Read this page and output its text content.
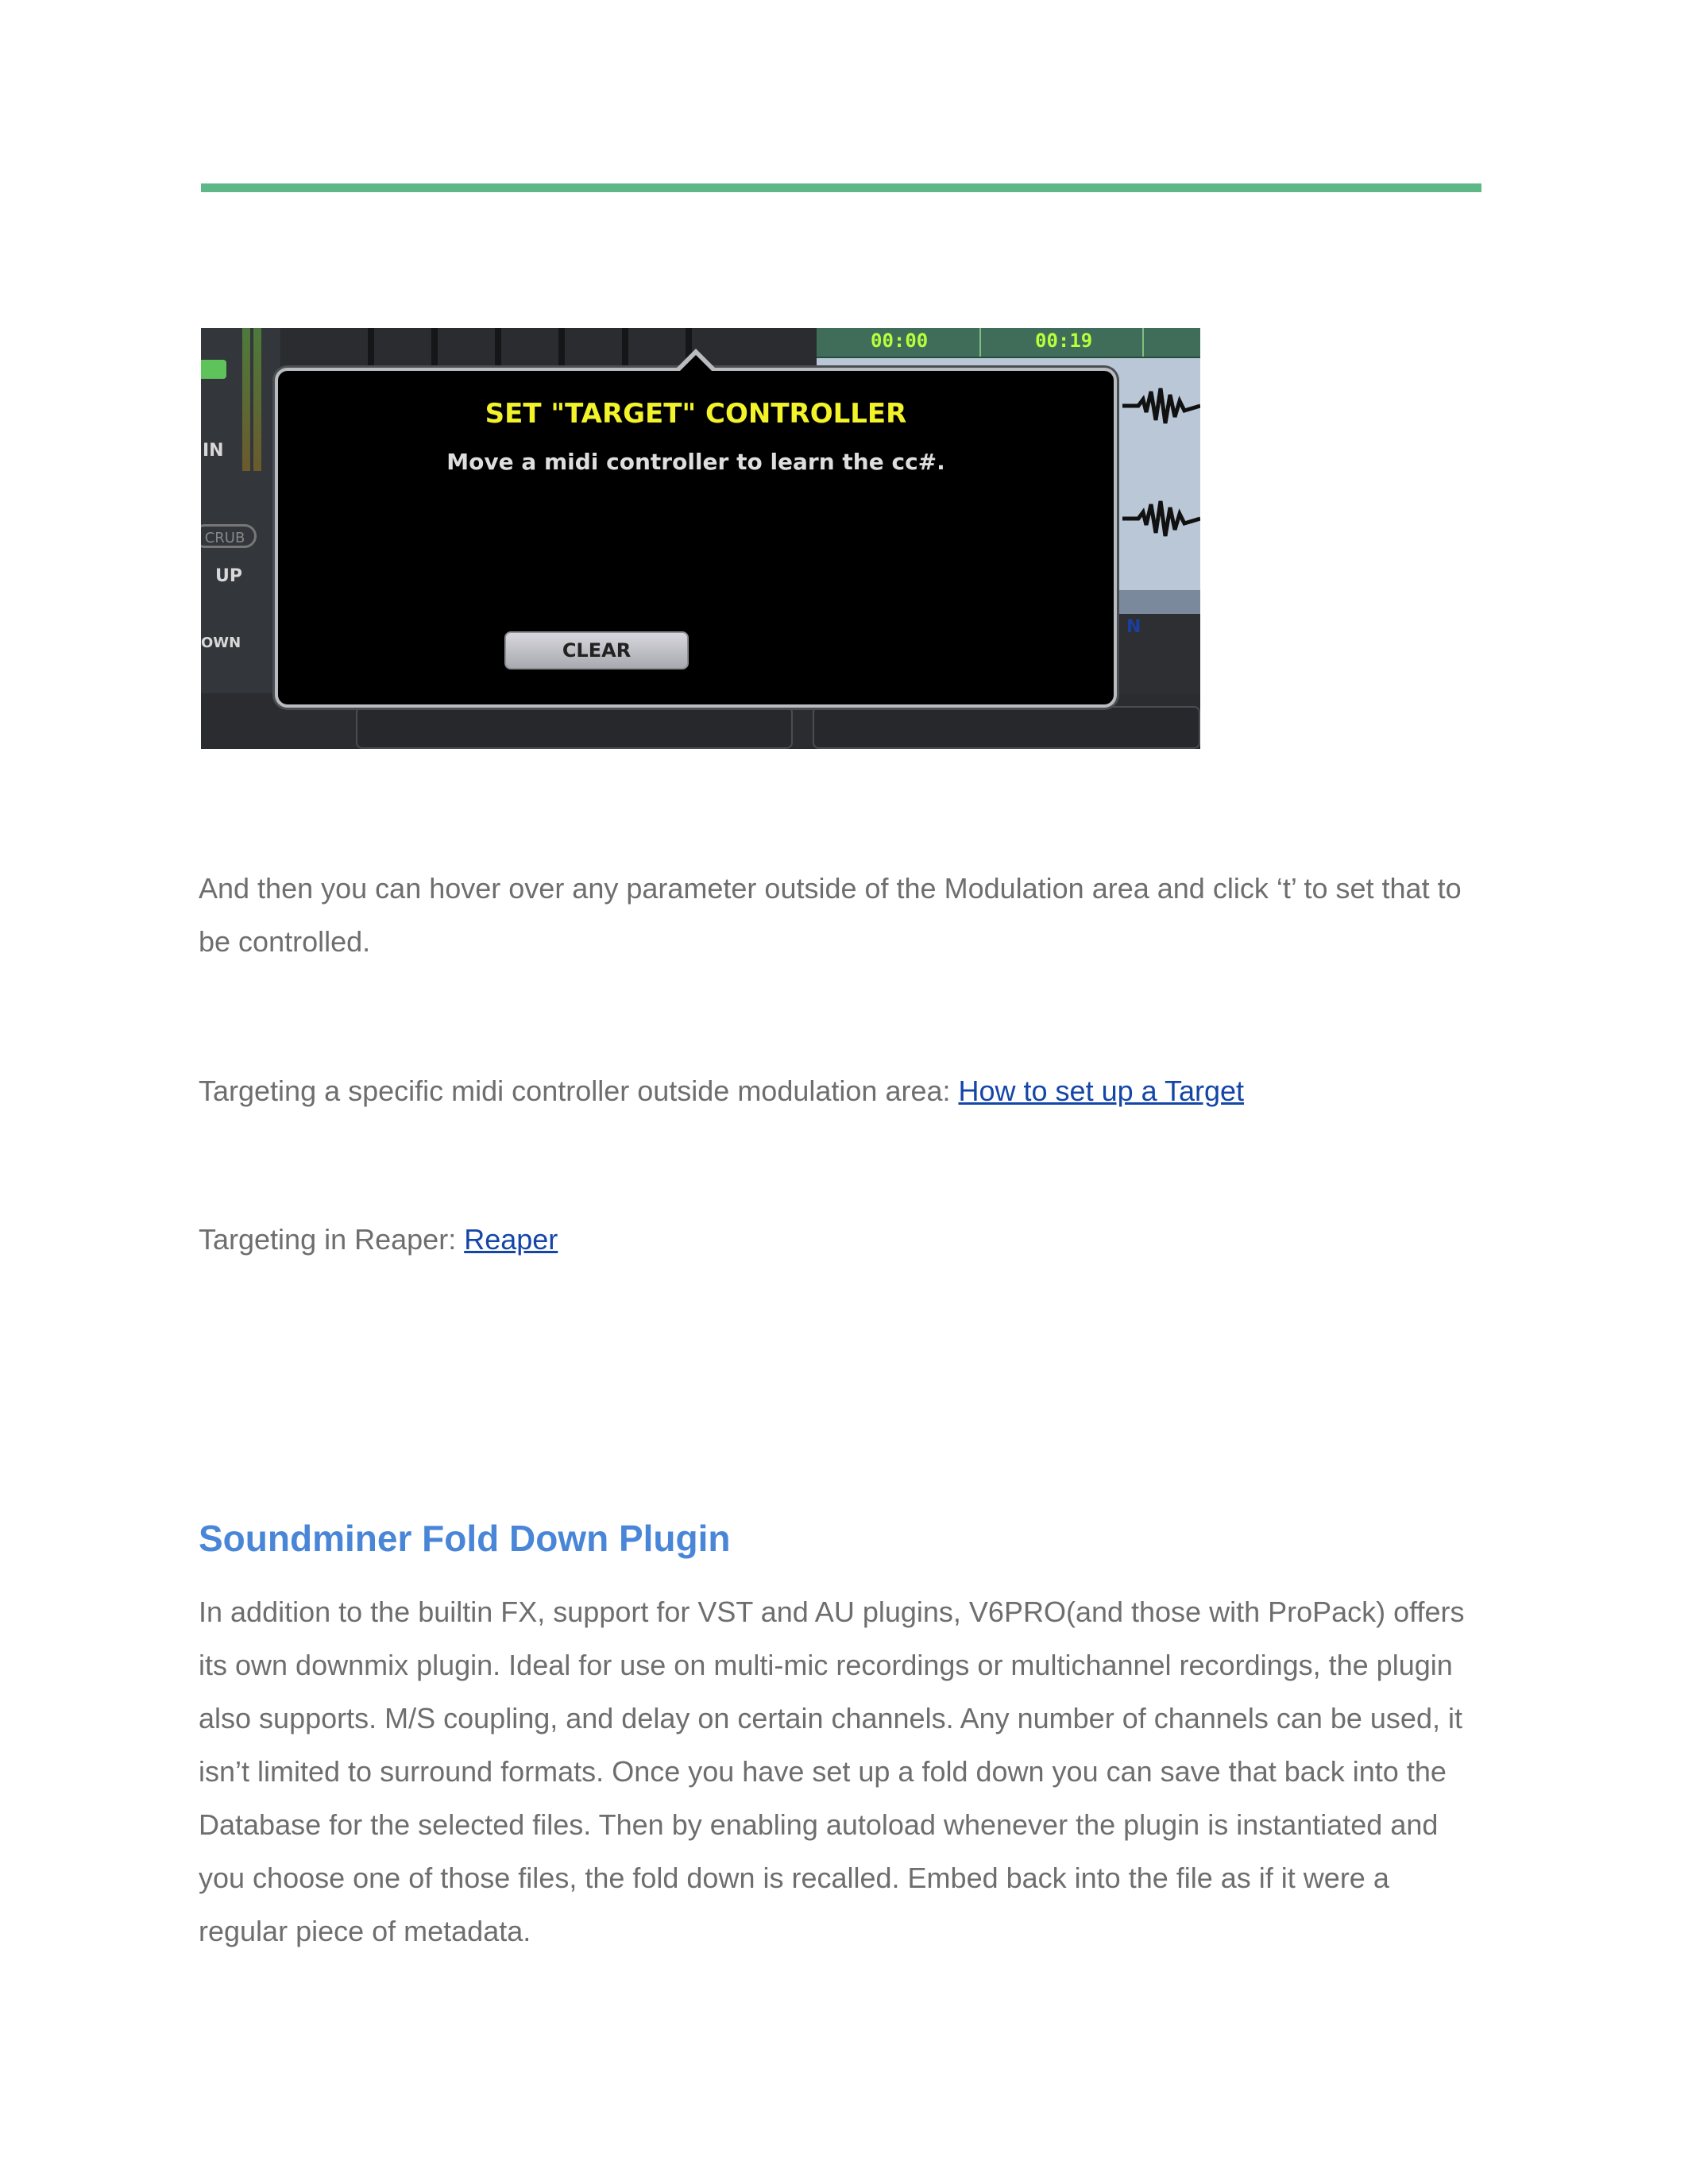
IN
CRUB
UP
OWN
00:00	00:19
N
SET "TARGET" CONTROLLER
Move a midi controller to learn the cc#.
CLEAR

And then you can hover over any parameter outside of the Modulation area and click ‘t’ to set that to be controlled.

Targeting a specific midi controller outside modulation area: How to set up a Target

Targeting in Reaper: Reaper

Soundminer Fold Down Plugin

In addition to the builtin FX, support for VST and AU plugins, V6PRO(and those with ProPack) offers its own downmix plugin. Ideal for use on multi-mic recordings or multichannel recordings, the plugin also supports. M/S coupling, and delay on certain channels. Any number of channels can be used, it isn’t limited to surround formats. Once you have set up a fold down you can save that back into the Database for the selected files. Then by enabling autoload whenever the plugin is instantiated and you choose one of those files, the fold down is recalled. Embed back into the file as if it were a regular piece of metadata.
